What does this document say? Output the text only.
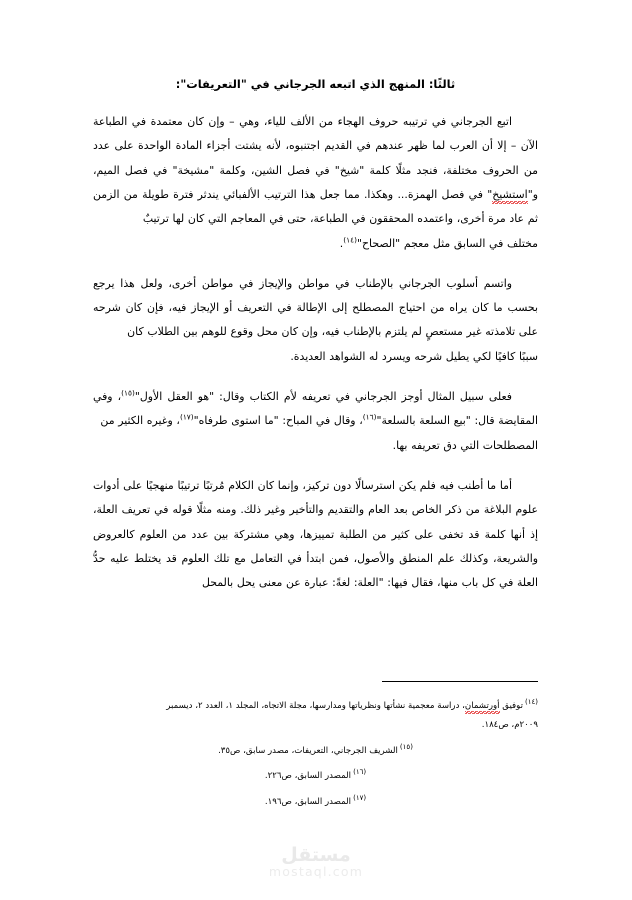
ثالثًا: المنهج الذي اتبعه الجرجاني في "التعريفات":

اتبع الجرجاني في ترتيبه حروف الهجاء من الألف للياء، وهي – وإن كان معتمدة في الطباعة الآن – إلا أن العرب لما ظهر عندهم في القديم اجتنبوه، لأنه يشتت أجزاء المادة الواحدة على عدد من الحروف مختلفة، فنجد مثلًا كلمة "شيخ" في فصل الشين، وكلمة "مشيخة" في فصل الميم، و"استشيخ" في فصل الهمزة... وهكذا. مما جعل هذا الترتيب الألفبائي يندثر فترة طويلة من الزمن ثم عاد مرة أخرى، واعتمده المحققون في الطباعة، حتى في المعاجم التي كان لها ترتيبٌ
مختلف في السابق مثل معجم "الصحاح"$^{(١٤)}$.

واتسم أسلوب الجرجاني بالإطناب في مواطن والإيجاز في مواطن أخرى، ولعل هذا يرجع بحسب ما كان يراه من احتياج المصطلح إلى الإطالة في التعريف أو الإيجاز فيه، فإن كان شرحه على تلامذته غير مستعصٍ لم يلتزم بالإطناب فيه، وإن كان محل وقوع للوهم بين الطلاب كان
سببًا كافيًا لكي يطيل شرحه ويسرد له الشواهد العديدة.

فعلى سبيل المثال أوجز الجرجاني في تعريفه لأم الكتاب وقال: "هو العقل الأول"$^{(١٥)}$، وفي المقايضة قال: "بيع السلعة بالسلعة"$^{(١٦)}$، وقال في المباح: "ما استوى طرفاه"$^{(١٧)}$، وغيره الكثير من
المصطلحات التي دق تعريفه بها.

أما ما أطنب فيه فلم يكن استرسالًا دون تركيز، وإنما كان الكلام مُرتبًا ترتيبًا منهجيًا على أدوات علوم البلاغة من ذكر الخاص بعد العام والتقديم والتأخير وغير ذلك. ومنه مثلًا قوله في تعريف العلة، إذ أنها كلمة قد تخفى على كثير من الطلبة تمييزها، وهي مشتركة بين عدد من العلوم كالعروض والشريعة، وكذلك علم المنطق والأصول، فمن ابتدأ في التعامل مع تلك العلوم قد يختلط عليه حدُّ العلة في كل باب منها، فقال فيها: "العلة: لغةً: عبارة عن معنى يحل بالمحل

$^{(١٤)}$توفيق أورتشمان، دراسة معجمية نشأتها ونظرياتها ومدارسها، مجلة الاتجاه، المجلد ١، العدد ٢، ديسمبر
٢٠٠٩م، ص١٨٤.

$^{(١٥)}$الشريف الجرجاني، التعريفات، مصدر سابق، ص٣٥.

$^{(١٦)}$المصدر السابق، ص٢٢٦.

$^{(١٧)}$المصدر السابق، ص١٩٦.

مستقل
mostaql.com
